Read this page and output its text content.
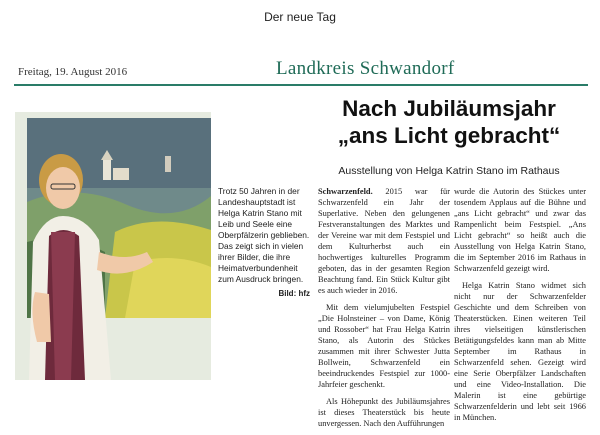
Der neue Tag
Freitag, 19. August 2016	Landkreis Schwandorf
Trotz 50 Jahren in der Landeshauptstadt ist Helga Katrin Stano mit Leib und Seele eine Oberpfälzerin geblieben. Das zeigt sich in vielen ihrer Bilder, die ihre Heimatverbundenheit zum Ausdruck bringen.
Bild: hfz
Nach Jubiläumsjahr
„ans Licht gebracht“
Ausstellung von Helga Katrin Stano im Rathaus

Schwarzenfeld. 2015 war für Schwarzenfeld ein Jahr der Superlative. Neben den gelungenen Festveranstaltungen des Marktes und der Vereine war mit dem Festspiel und dem Kulturherbst auch ein hochwertiges kulturelles Programm geboten, das in der gesamten Region Beachtung fand. Ein Stück Kultur gibt es auch wieder in 2016.

Mit dem vielumjubelten Festspiel „Die Holnsteiner – von Dame, König und Rossober“ hat Frau Helga Katrin Stano, als Autorin des Stückes zusammen mit ihrer Schwester Jutta Bollwein, Schwarzenfeld ein beeindruckendes Festspiel zur 1000-Jahrfeier geschenkt.

Als Höhepunkt des Jubiläumsjahres ist dieses Theaterstück bis heute unvergessen. Nach den Aufführungen

wurde die Autorin des Stückes unter tosendem Applaus auf die Bühne und „ans Licht gebracht“ und zwar das Rampenlicht beim Festspiel. „Ans Licht gebracht“ so heißt auch die Ausstellung von Helga Katrin Stano, die im September 2016 im Rathaus in Schwarzenfeld gezeigt wird.

Helga Katrin Stano widmet sich nicht nur der Schwarzenfelder Geschichte und dem Schreiben von Theaterstücken. Einen weiteren Teil ihres vielseitigen künstlerischen Betätigungsfeldes kann man ab Mitte September im Rathaus in Schwarzenfeld sehen. Gezeigt wird eine Serie Oberpfälzer Landschaften und eine Video-Installation. Die Malerin ist eine gebürtige Schwarzenfelderin und lebt seit 1966 in München.
